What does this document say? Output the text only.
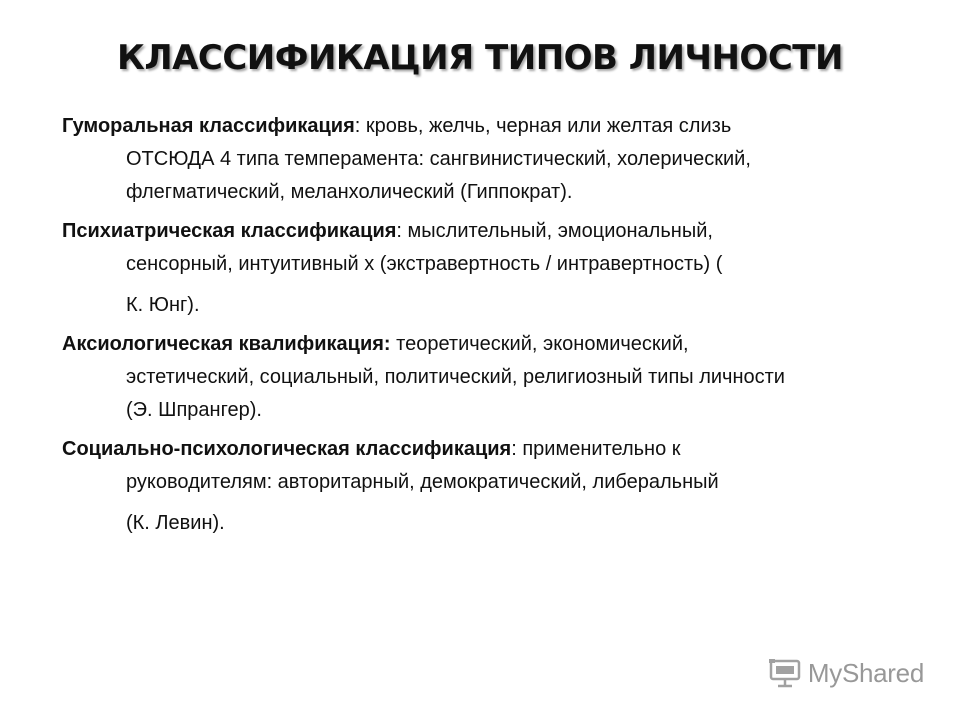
КЛАССИФИКАЦИЯ ТИПОВ ЛИЧНОСТИ

Гуморальная классификация: кровь, желчь, черная или желтая слизь
ОТСЮДА 4 типа темперамента: сангвинистический, холерический,
флегматический, меланхолический (Гиппократ).

Психиатрическая классификация: мыслительный, эмоциональный,
сенсорный, интуитивный х (экстравертность / интравертность) (
К. Юнг).

Аксиологическая квалификация: теоретический, экономический,
эстетический, социальный, политический, религиозный типы личности
(Э. Шпрангер).

Социально-психологическая классификация: применительно к
руководителям: авторитарный, демократический, либеральный
(К. Левин).

MyShared
